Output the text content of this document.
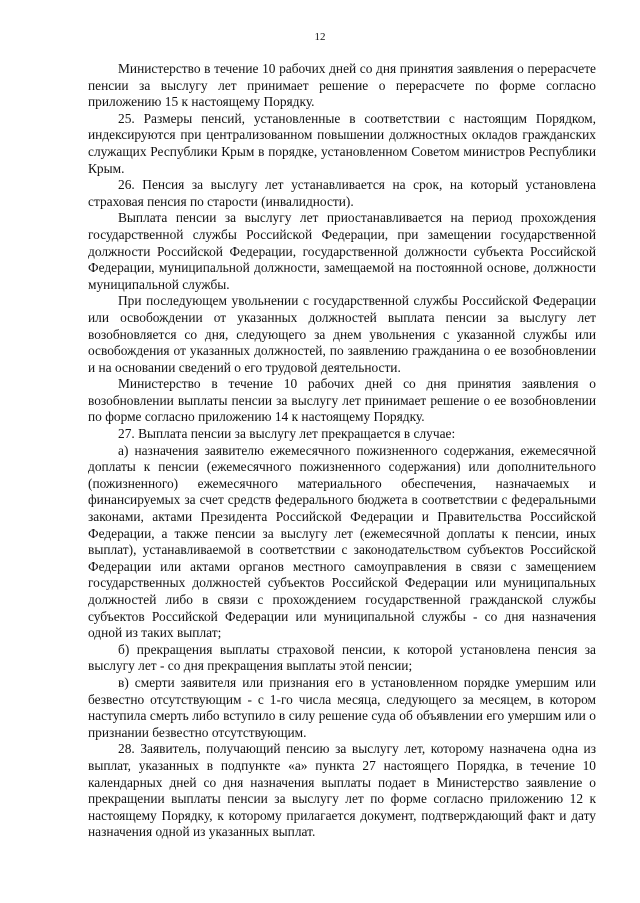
12

Министерство в течение 10 рабочих дней со дня принятия заявления о перерасчете пенсии за выслугу лет принимает решение о перерасчете по форме согласно приложению 15 к настоящему Порядку.

25. Размеры пенсий, установленные в соответствии с настоящим Порядком, индексируются при централизованном повышении должностных окладов гражданских служащих Республики Крым в порядке, установленном Советом министров Республики Крым.

26. Пенсия за выслугу лет устанавливается на срок, на который установлена страховая пенсия по старости (инвалидности).

Выплата пенсии за выслугу лет приостанавливается на период прохождения государственной службы Российской Федерации, при замещении государственной должности Российской Федерации, государственной должности субъекта Российской Федерации, муниципальной должности, замещаемой на постоянной основе, должности муниципальной службы.

При последующем увольнении с государственной службы Российской Федерации или освобождении от указанных должностей выплата пенсии за выслугу лет возобновляется со дня, следующего за днем увольнения с указанной службы или освобождения от указанных должностей, по заявлению гражданина о ее возобновлении и на основании сведений о его трудовой деятельности.

Министерство в течение 10 рабочих дней со дня принятия заявления о возобновлении выплаты пенсии за выслугу лет принимает решение о ее возобновлении по форме согласно приложению 14 к настоящему Порядку.

27. Выплата пенсии за выслугу лет прекращается в случае:

а) назначения заявителю ежемесячного пожизненного содержания, ежемесячной доплаты к пенсии (ежемесячного пожизненного содержания) или дополнительного (пожизненного) ежемесячного материального обеспечения, назначаемых и финансируемых за счет средств федерального бюджета в соответствии с федеральными законами, актами Президента Российской Федерации и Правительства Российской Федерации, а также пенсии за выслугу лет (ежемесячной доплаты к пенсии, иных выплат), устанавливаемой в соответствии с законодательством субъектов Российской Федерации или актами органов местного самоуправления в связи с замещением государственных должностей субъектов Российской Федерации или муниципальных должностей либо в связи с прохождением государственной гражданской службы субъектов Российской Федерации или муниципальной службы - со дня назначения одной из таких выплат;

б) прекращения выплаты страховой пенсии, к которой установлена пенсия за выслугу лет - со дня прекращения выплаты этой пенсии;

в) смерти заявителя или признания его в установленном порядке умершим или безвестно отсутствующим - с 1-го числа месяца, следующего за месяцем, в котором наступила смерть либо вступило в силу решение суда об объявлении его умершим или о признании безвестно отсутствующим.

28. Заявитель, получающий пенсию за выслугу лет, которому назначена одна из выплат, указанных в подпункте «а» пункта 27 настоящего Порядка, в течение 10 календарных дней со дня назначения выплаты подает в Министерство заявление о прекращении выплаты пенсии за выслугу лет по форме согласно приложению 12 к настоящему Порядку, к которому прилагается документ, подтверждающий факт и дату назначения одной из указанных выплат.
